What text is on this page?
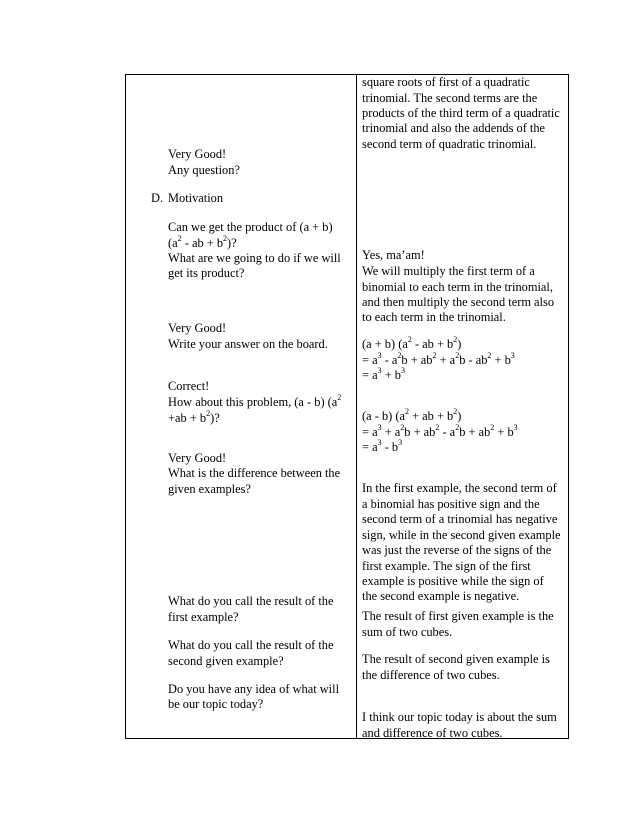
Very Good!
Any question?
D. Motivation
Can we get the product of (a + b)
($a^2$ - ab + $b^2$)?
What are we going to do if we will
get its product?
Very Good!
Write your answer on the board.
Correct!
How about this problem, (a - b) ($a^2$
$+ab + b^2$)?
Very Good!
What is the difference between the
given examples?
What do you call the result of the
first example?
What do you call the result of the
second given example?
Do you have any idea of what will
be our topic today?
square roots of first of a quadratic
trinomial. The second terms are the
products of the third term of a quadratic
trinomial and also the addends of the
second term of quadratic trinomial.
Yes, ma’am!
We will multiply the first term of a
binomial to each term in the trinomial,
and then multiply the second term also
to each term in the trinomial.
(a + b) ($a^2$ - ab + $b^2$)
= $a^3 - a^2b + ab^2 + a^2b - ab^2 + b^3$
= $a^3 + b^3$
(a - b) ($a^2$ + ab + $b^2$)
= $a^3 + a^2b + ab^2 - a^2b + ab^2 + b^3$
= $a^3 - b^3$
In the first example, the second term of
a binomial has positive sign and the
second term of a trinomial has negative
sign, while in the second given example
was just the reverse of the signs of the
first example. The sign of the first
example is positive while the sign of
the second example is negative.
The result of first given example is the
sum of two cubes.
The result of second given example is
the difference of two cubes.
I think our topic today is about the sum
and difference of two cubes.
